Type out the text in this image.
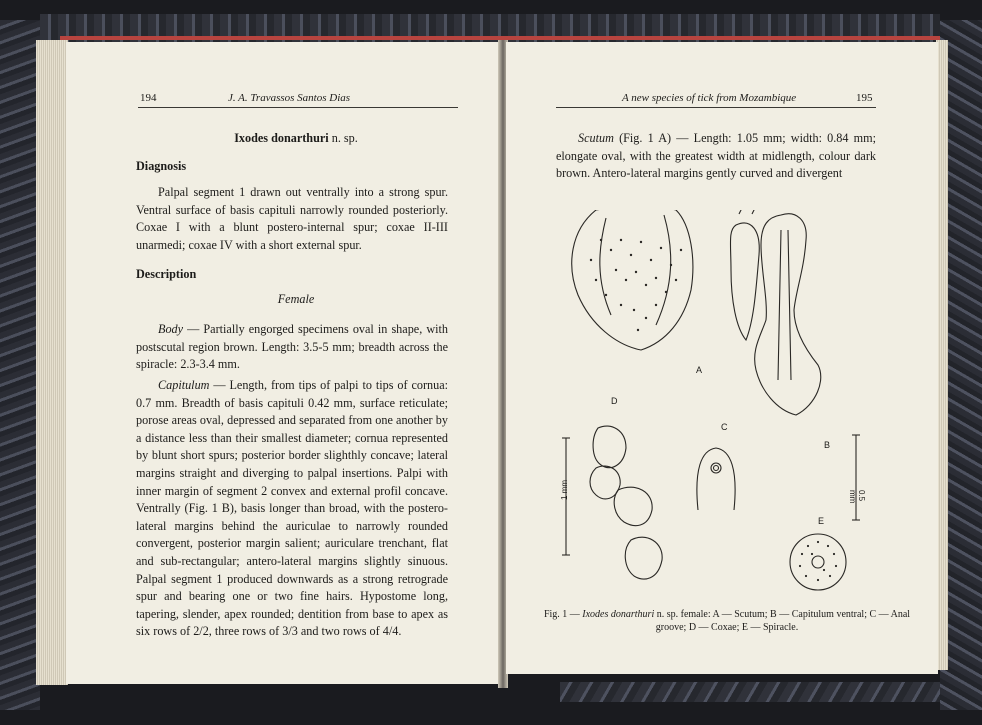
194	J. A. Travassos Santos Dias
Ixodes donarthuri n. sp.
Diagnosis

Palpal segment 1 drawn out ventrally into a strong spur. Ventral surface of basis capituli narrowly rounded posteriorly. Coxae I with a blunt postero-internal spur; coxae II-III unarmedi; coxae IV with a short external spur.

Description
Female

Body — Partially engorged specimens oval in shape, with postscutal region brown. Length: 3.5-5 mm; breadth across the spiracle: 2.3-3.4 mm.

Capitulum — Length, from tips of palpi to tips of cornua: 0.7 mm. Breadth of basis capituli 0.42 mm, surface reticulate; porose areas oval, depressed and separated from one another by a distance less than their smallest diameter; cornua represented by blunt short spurs; posterior border slighthly concave; lateral margins straight and diverging to palpal insertions. Palpi with inner margin of segment 2 convex and external profil concave. Ventrally (Fig. 1 B), basis longer than broad, with the postero-lateral margins behind the auriculae to narrowly rounded convergent, posterior margin salient; auriculare trenchant, flat and sub-rectangular; antero-lateral margins slightly sinuous. Palpal segment 1 produced downwards as a strong retrograde spur and bearing one or two fine hairs. Hypostome long, tapering, slender, apex rounded; dentition from base to apex as six rows of 2/2, three rows of 3/3 and two rows of 4/4.

A new species of tick from Mozambique	195

Scutum (Fig. 1 A) — Length: 1.05 mm; width: 0.84 mm; elongate oval, with the greatest width at midlength, colour dark brown. Antero-lateral margins gently curved and divergent

A
B
C
D
E
1 mm	0.5 mm
Fig. 1 — Ixodes donarthuri n. sp. female: A — Scutum; B — Capitulum ventral; C — Anal groove; D — Coxae; E — Spiracle.
